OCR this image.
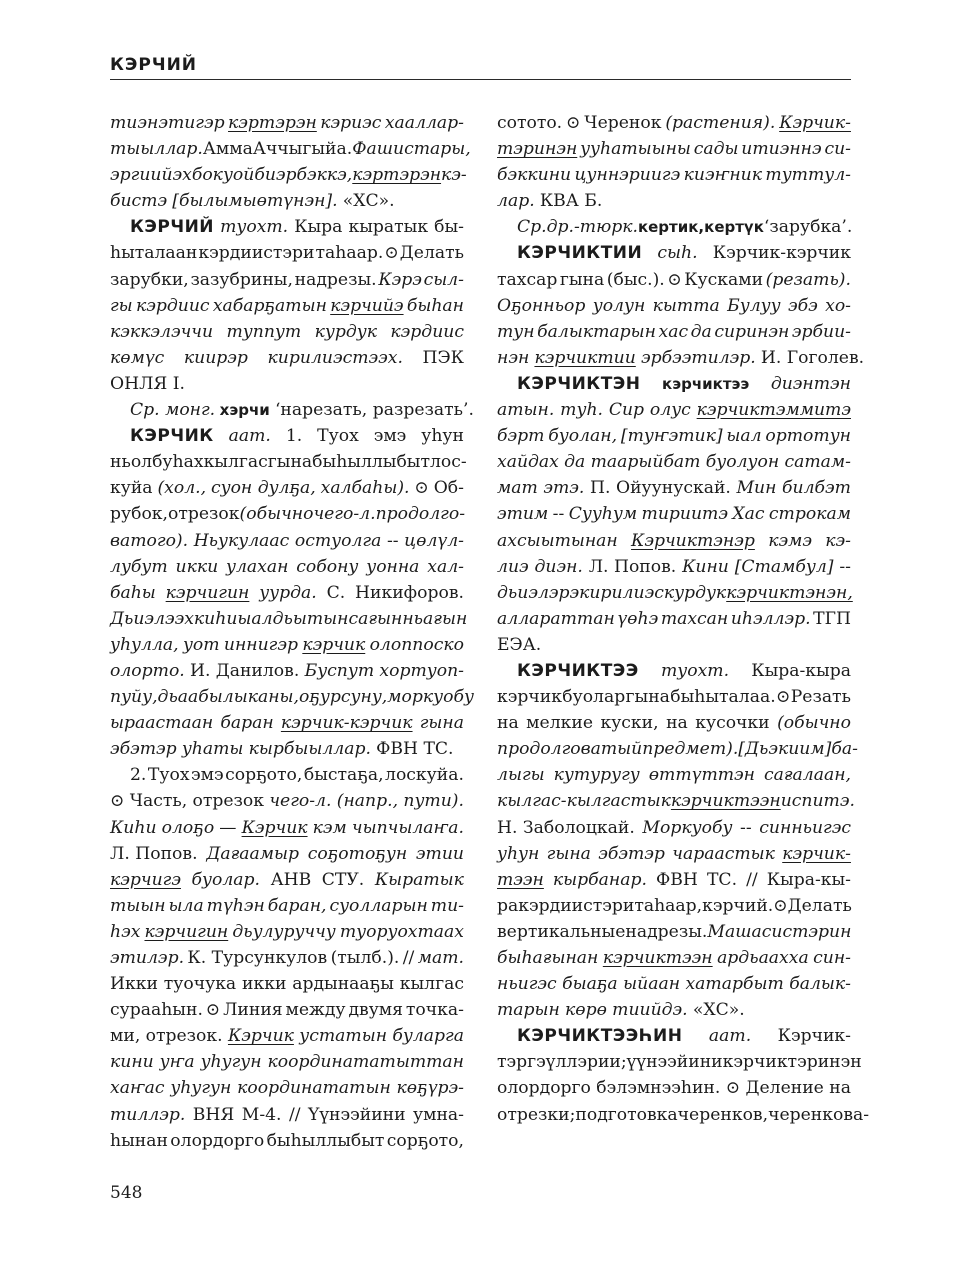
КЭРЧИЙ
тиэнэтигэр кэртэрэн кэриэс хааллар-
тыыллар. Амма Аччыгыйа. Фашистары,
эргиийэх бокуой биэрбэккэ, кэртэрэн кэ-
бистэ [былымыөтүнэн]. «ХС».
КЭРЧИЙ туохт. Кыра кыратык бы-
һыталаан кэрдиистэри таһаар. ⊙ Делать
зарубки, зазубрины, надрезы. Кэрэ сыл-
гы кэрдиис хабарҕатын кэрчийэ быһан
кэккэлэччи туппут курдук кэрдиис
көмүс киирэр кирилиэстээх. ПЭК
ОНЛЯ I.
Ср. монг. хэрчи ‘нарезать, разрезать’.
КЭРЧИК аат. 1. Туох эмэ уһун
ньолбуһах кылгас гына быһыллыбыт лос-
куйа (хол., суон дулҕа, халбаһы). ⊙ Об-
рубок, отрезок (обычно чего-л. продолго-
ватого). Ньукулаас остуолга -- цөлүл-
лубут икки улахан собону уонна хал-
баһы кэрчигин уурда. С. Никифоров.
Дьиэлээх киһи ыалдьытын сағынньағын
уһулла, уот иннигэр кэрчик олоппоско
олорто. И. Данилов. Буспут хортуоп-
пуйу, дьаабылыканы, оҕурсуну, моркуобу
ыраастаан баран кэрчик-кэрчик гына
эбэтэр уһаты кырбыыллар. ФВН ТС.
2. Туох эмэ сорҕото, быстаҕа, лоскуйа.
⊙ Часть, отрезок чего-л. (напр., пути).
Киһи олоҕо — Кэрчик кэм чыпчылаҥа.
Л. Попов. Дағаамыр соҕотоҕун этии
кэрчигэ буолар. АНВ СТУ. Кыратык
тыын ыла түһэн баран, суолларын ти-
һэх кэрчигин дьулуруччу туоруохтаах
этилэр. К. Турсункулов (тылб.). // мат.
Икки туочука икки ардынааҕы кылгас
сурааһын. ⊙ Линия между двумя точка-
ми, отрезок. Кэрчик устатын буларга
кини уҥа уһугун координататыттан
хаҥас уһугун координататын көҕүрэ-
тиллэр. ВНЯ М-4. // Үүнээйини умна-
һынан олордорго быһыллыбыт сорҕото,
сотото. ⊙ Черенок (растения). Кэрчик-
тэринэн ууһатыыны сады итиэннэ си-
бэккини цуннэриигэ киэҥник туттул-
лар. КВА Б.
Ср. др.-тюрк. кертик, кертүк ‘зарубка’.
КЭРЧИКТИИ сыһ. Кэрчик-кэрчик
тахсар гына (быс.). ⊙ Кусками (резать).
Оҕонньор уолун кытта Булуу эбэ хо-
тун балыктарын хас да сиринэн эрбии-
нэн кэрчиктии эрбээтилэр. И. Гоголев.
КЭРЧИКТЭН кэрчиктээ диэнтэн
атын. туһ. Сир олус кэрчиктэммитэ
бэрт буолан, [туҥэтик] ыал ортотун
хайдах да таарыйбат буолуон сатам-
мат этэ. П. Ойуунускай. Мин билбэт
этим -- Сууһум тириитэ Хас строкам
ахсыытынан Кэрчиктэнэр кэмэ кэ-
лиэ диэн. Л. Попов. Кини [Стамбул] --
дьиэлэрэ кирилиэс курдук кэрчиктэнэн,
аллараттан үөһэ тахсан иһэллэр. ТГП
ЕЭА.
КЭРЧИКТЭЭ туохт. Кыра-кыра
кэрчик буолар гына быһыталаа. ⊙ Резать
на мелкие куски, на кусочки (обычно
продолговатый предмет). [Дьэкиим] ба-
лыгы кутуругу өттүттэн сағалаан,
кылгас-кылгастык кэрчиктээн испитэ.
Н. Заболоцкай. Моркуобу -- синньигэс
уһун гына эбэтэр чараастык кэрчик-
тээн кырбанар. ФВН ТС. // Кыра-кы-
ра кэрдиистэри таһаар, кэрчий. ⊙ Делать
вертикальные надрезы. Маша систэрин
быһағынан кэрчиктээн ардьаахха син-
ньигэс быаҕа ыйаан хатарбыт балык-
тарын көрө тиийдэ. «ХС».
КЭРЧИКТЭЭҺИН аат. Кэрчик-
тэргэ үллэрии; үүнээйини кэрчиктэринэн
олордорго бэлэмнээһин. ⊙ Деление на
отрезки; подготовка черенков, черенкова-
548
